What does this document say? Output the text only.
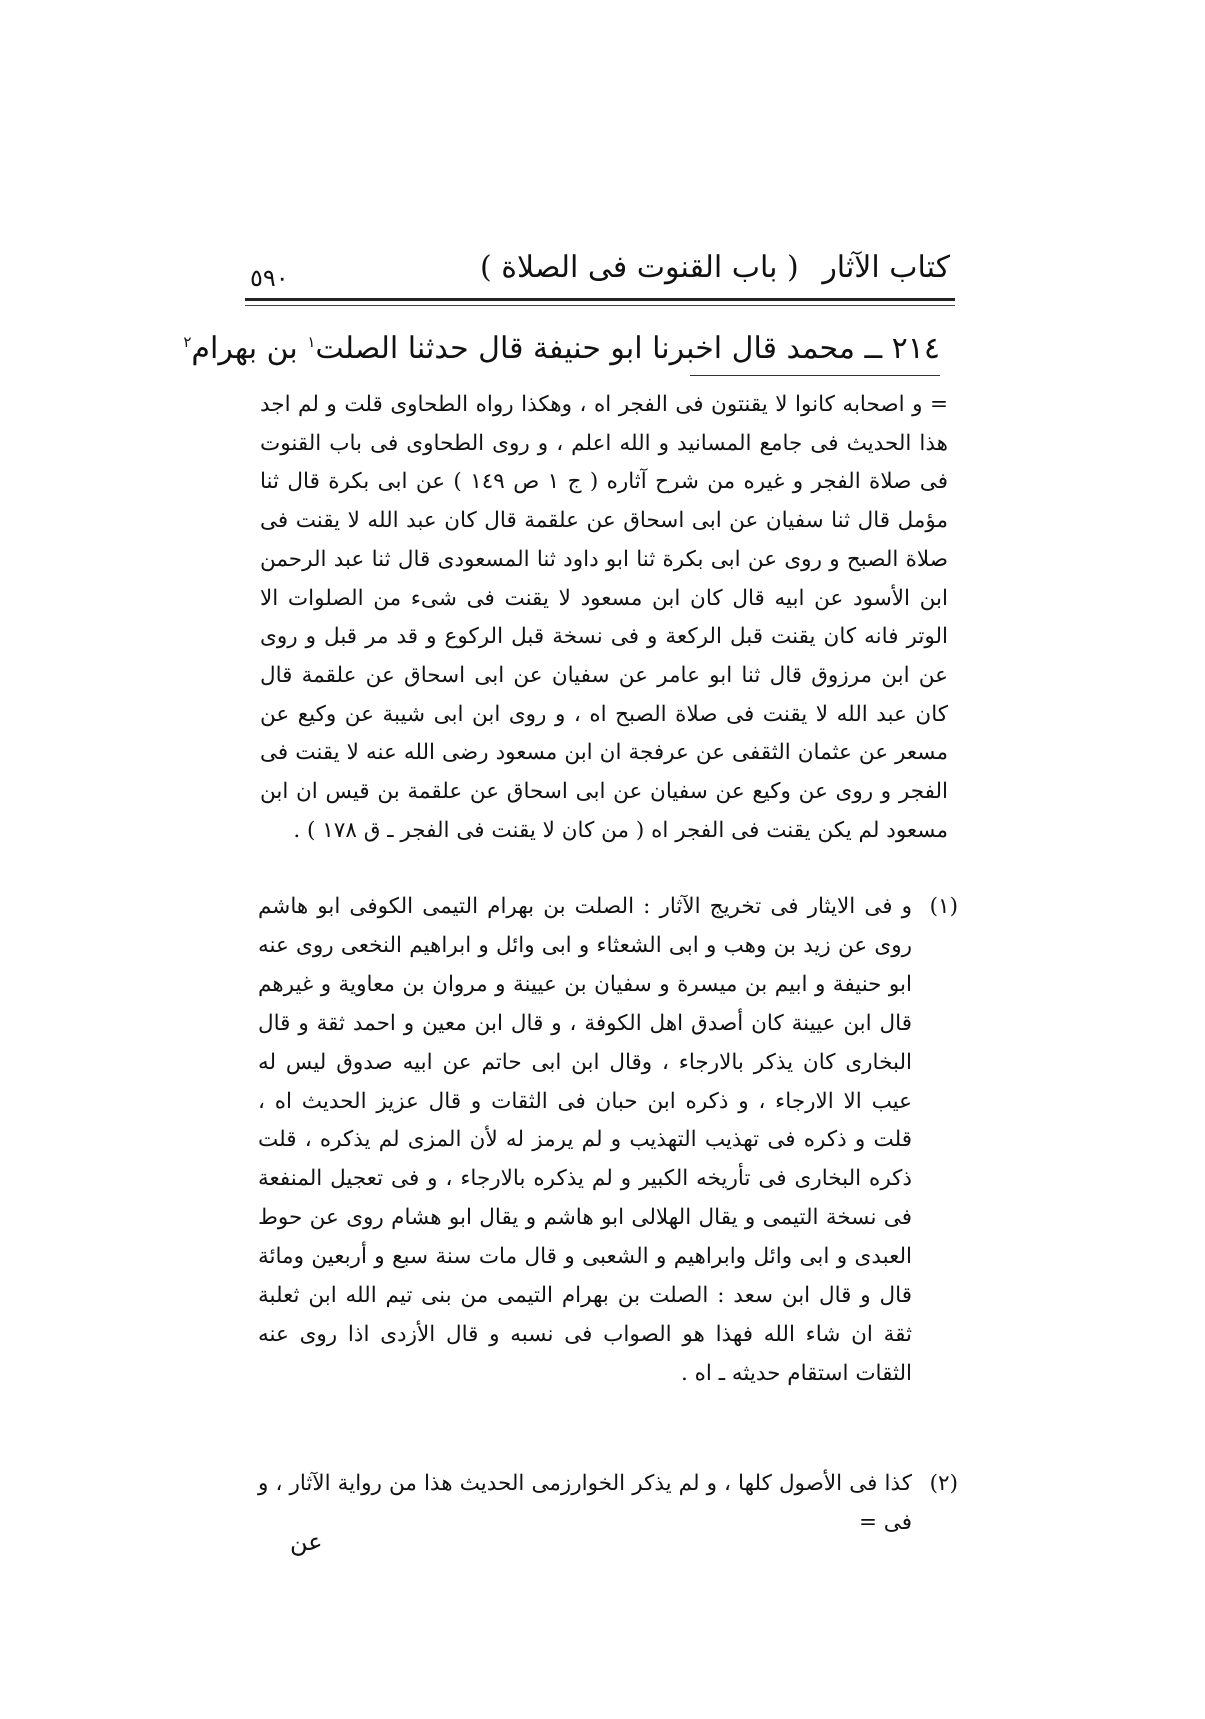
كتاب الآثار
( باب القنوت فى الصلاة )
٥٩٠
٢١٤ ــ محمد قال اخبرنا ابو حنيفة قال حدثنا الصلت$^١$ بن بهرام$^٢$

= و اصحابه كانوا لا يقنتون فى الفجر اه ، وهكذا رواه الطحاوى قلت و لم اجد هذا الحديث فى جامع المسانيد و الله اعلم ، و روى الطحاوى فى باب القنوت فى صلاة الفجر و غيره من شرح آثاره ( ج ١ ص ١٤٩ ) عن ابى بكرة قال ثنا مؤمل قال ثنا سفيان عن ابى اسحاق عن علقمة قال كان عبد الله لا يقنت فى صلاة الصبح و روى عن ابى بكرة ثنا ابو داود ثنا المسعودى قال ثنا عبد الرحمن ابن الأسود عن ابيه قال كان ابن مسعود لا يقنت فى شىء من الصلوات الا الوتر فانه كان يقنت قبل الركعة و فى نسخة قبل الركوع و قد مر قبل و روى عن ابن مرزوق قال ثنا ابو عامر عن سفيان عن ابى اسحاق عن علقمة قال كان عبد الله لا يقنت فى صلاة الصبح اه ، و روى ابن ابى شيبة عن وكيع عن مسعر عن عثمان الثقفى عن عرفجة ان ابن مسعود رضى الله عنه لا يقنت فى الفجر و روى عن وكيع عن سفيان عن ابى اسحاق عن علقمة بن قيس ان ابن مسعود لم يكن يقنت فى الفجر اه ( من كان لا يقنت فى الفجر ـ ق ١٧٨ ) .

(١)
و فى الايثار فى تخريج الآثار : الصلت بن بهرام التيمى الكوفى ابو هاشم روى عن زيد بن وهب و ابى الشعثاء و ابى وائل و ابراهيم النخعى روى عنه ابو حنيفة و ابيم بن ميسرة و سفيان بن عيينة و مروان بن معاوية و غيرهم قال ابن عيينة كان أصدق اهل الكوفة ، و قال ابن معين و احمد ثقة و قال البخارى كان يذكر بالارجاء ، وقال ابن ابى حاتم عن ابيه صدوق ليس له عيب الا الارجاء ، و ذكره ابن حبان فى الثقات و قال عزيز الحديث اه ، قلت و ذكره فى تهذيب التهذيب و لم يرمز له لأن المزى لم يذكره ، قلت ذكره البخارى فى تأريخه الكبير و لم يذكره بالارجاء ، و فى تعجيل المنفعة فى نسخة التيمى و يقال الهلالى ابو هاشم و يقال ابو هشام روى عن حوط العبدى و ابى وائل وابراهيم و الشعبى و قال مات سنة سبع و أربعين ومائة قال و قال ابن سعد : الصلت بن بهرام التيمى من بنى تيم الله ابن ثعلبة ثقة ان شاء الله فهذا هو الصواب فى نسبه و قال الأزدى اذا روى عنه الثقات استقام حديثه ـ اه .

(٢)
كذا فى الأصول كلها ، و لم يذكر الخوارزمى الحديث هذا من رواية الآثار ، و فى =

عن
